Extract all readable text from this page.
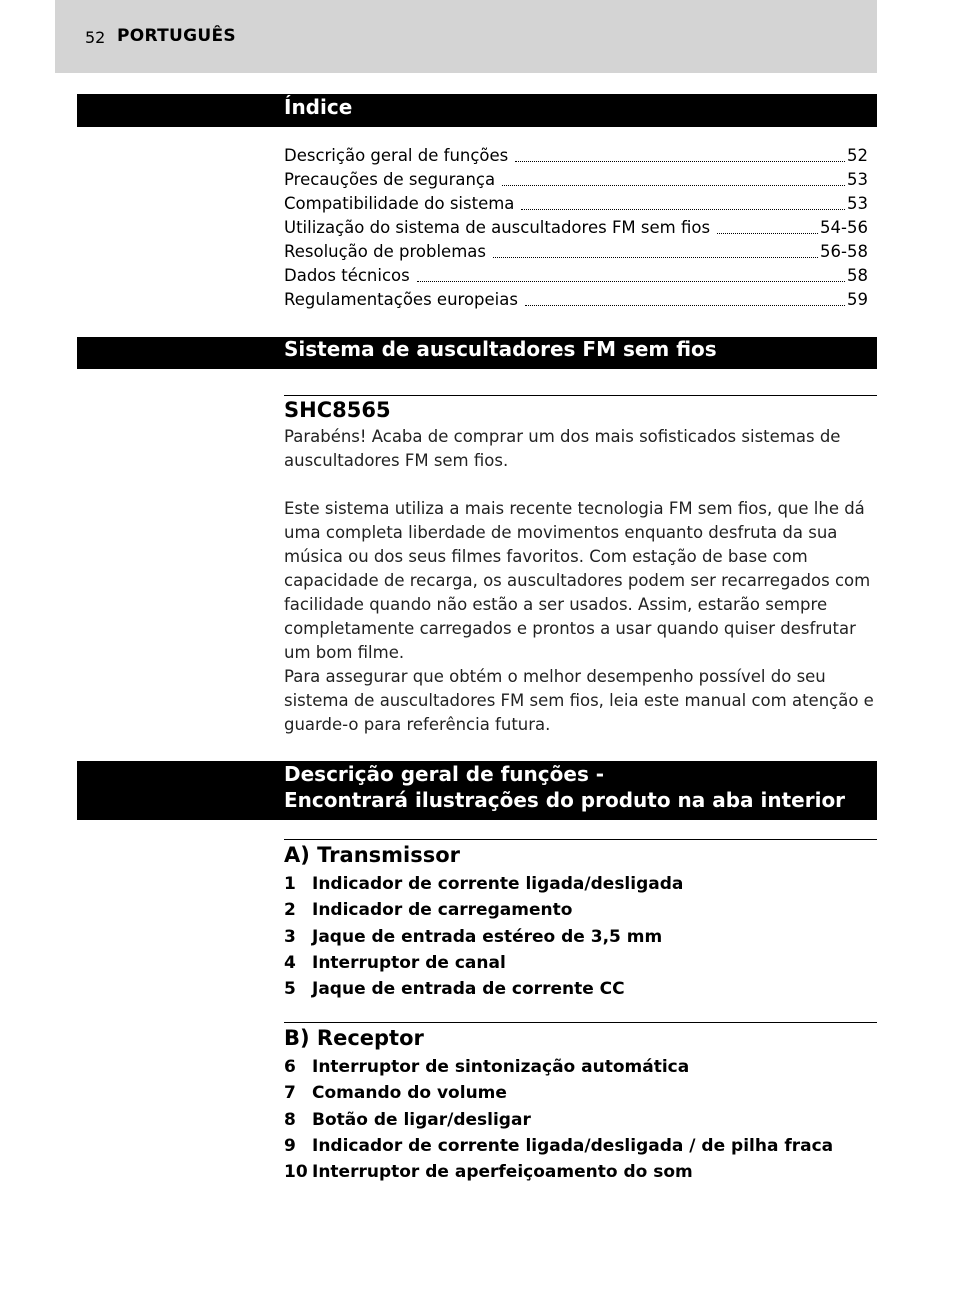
52 PORTUGUÊS
Índice
Descrição geral de funções	52
Precauções de segurança	53
Compatibilidade do sistema	53
Utilização do sistema de auscultadores FM sem fios	54-56
Resolução de problemas	56-58
Dados técnicos	58
Regulamentações europeias	59
Sistema de auscultadores FM sem fios
SHC8565

Parabéns! Acaba de comprar um dos mais sofisticados sistemas de auscultadores FM sem fios.

Este sistema utiliza a mais recente tecnologia FM sem fios, que lhe dá uma completa liberdade de movimentos enquanto desfruta da sua música ou dos seus filmes favoritos. Com estação de base com capacidade de recarga, os auscultadores podem ser recarregados com facilidade quando não estão a ser usados. Assim, estarão sempre completamente carregados e prontos a usar quando quiser desfrutar um bom filme.

Para assegurar que obtém o melhor desempenho possível do seu sistema de auscultadores FM sem fios, leia este manual com atenção e guarde-o para referência futura.

Descrição geral de funções -
Encontrará ilustrações do produto na aba interior
A) Transmissor
1 Indicador de corrente ligada/desligada
2 Indicador de carregamento
3 Jaque de entrada estéreo de 3,5 mm
4 Interruptor de canal
5 Jaque de entrada de corrente CC
B) Receptor
6 Interruptor de sintonização automática
7 Comando do volume
8 Botão de ligar/desligar
9 Indicador de corrente ligada/desligada / de pilha fraca
10 Interruptor de aperfeiçoamento do som
